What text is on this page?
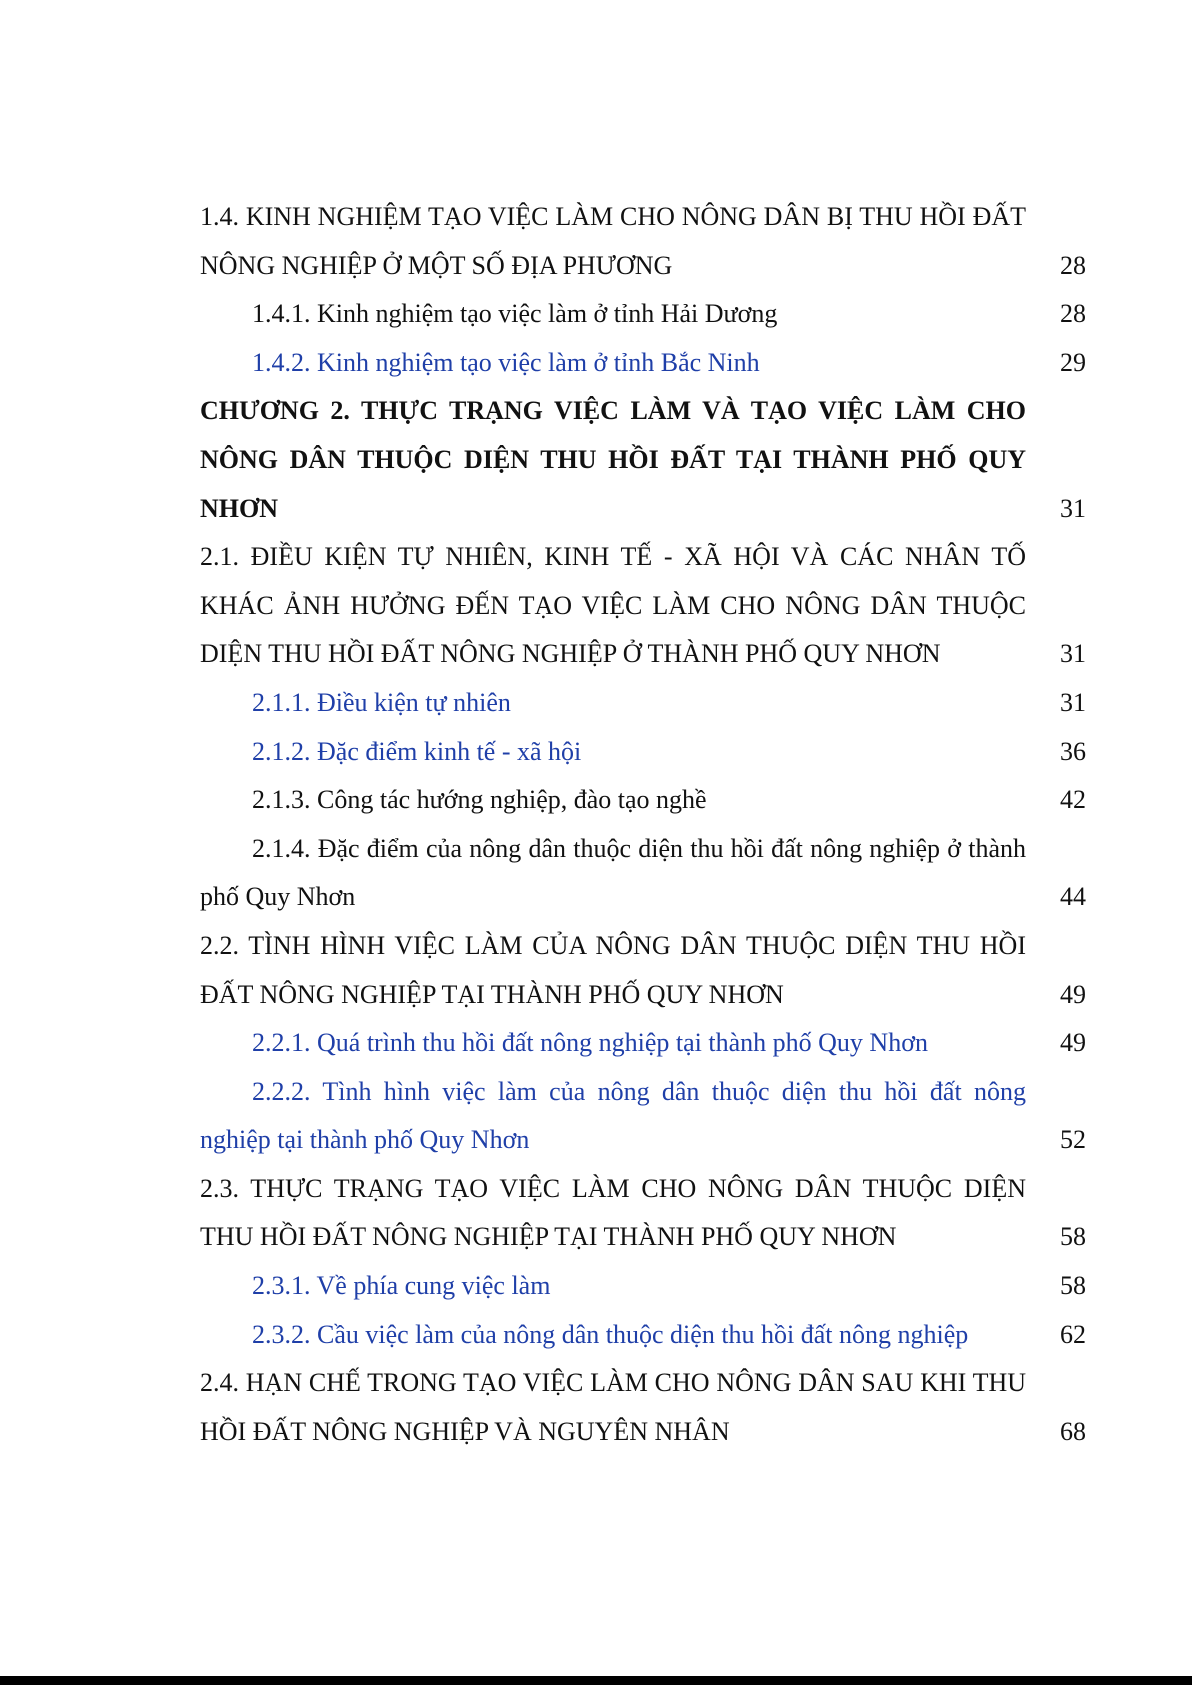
1.4. KINH NGHIỆM TẠO VIỆC LÀM CHO NÔNG DÂN BỊ THU HỒI ĐẤT NÔNG NGHIỆP Ở MỘT SỐ ĐỊA PHƯƠNG	28
1.4.1. Kinh nghiệm tạo việc làm ở tỉnh Hải Dương	28
1.4.2. Kinh nghiệm tạo việc làm ở tỉnh Bắc Ninh	29
CHƯƠNG 2. THỰC TRẠNG VIỆC LÀM VÀ TẠO VIỆC LÀM CHO NÔNG DÂN THUỘC DIỆN THU HỒI ĐẤT TẠI THÀNH PHỐ QUY NHƠN	31
2.1. ĐIỀU KIỆN TỰ NHIÊN, KINH TẾ - XÃ HỘI VÀ CÁC NHÂN TỐ KHÁC ẢNH HƯỞNG ĐẾN TẠO VIỆC LÀM CHO NÔNG DÂN THUỘC DIỆN THU HỒI ĐẤT NÔNG NGHIỆP Ở THÀNH PHỐ QUY NHƠN	31
2.1.1. Điều kiện tự nhiên	31
2.1.2. Đặc điểm kinh tế - xã hội	36
2.1.3. Công tác hướng nghiệp, đào tạo nghề	42
2.1.4. Đặc điểm của nông dân thuộc diện thu hồi đất nông nghiệp ở thành phố Quy Nhơn	44
2.2. TÌNH HÌNH VIỆC LÀM CỦA NÔNG DÂN THUỘC DIỆN THU HỒI ĐẤT NÔNG NGHIỆP TẠI THÀNH PHỐ QUY NHƠN	49
2.2.1. Quá trình thu hồi đất nông nghiệp tại thành phố Quy Nhơn	49
2.2.2. Tình hình việc làm của nông dân thuộc diện thu hồi đất nông nghiệp tại thành phố Quy Nhơn	52
2.3. THỰC TRẠNG TẠO VIỆC LÀM CHO NÔNG DÂN THUỘC DIỆN THU HỒI ĐẤT NÔNG NGHIỆP TẠI THÀNH PHỐ QUY NHƠN	58
2.3.1. Về phía cung việc làm	58
2.3.2. Cầu việc làm của nông dân thuộc diện thu hồi đất nông nghiệp	62
2.4. HẠN CHẾ TRONG TẠO VIỆC LÀM CHO NÔNG DÂN SAU KHI THU HỒI ĐẤT NÔNG NGHIỆP VÀ NGUYÊN NHÂN	68
